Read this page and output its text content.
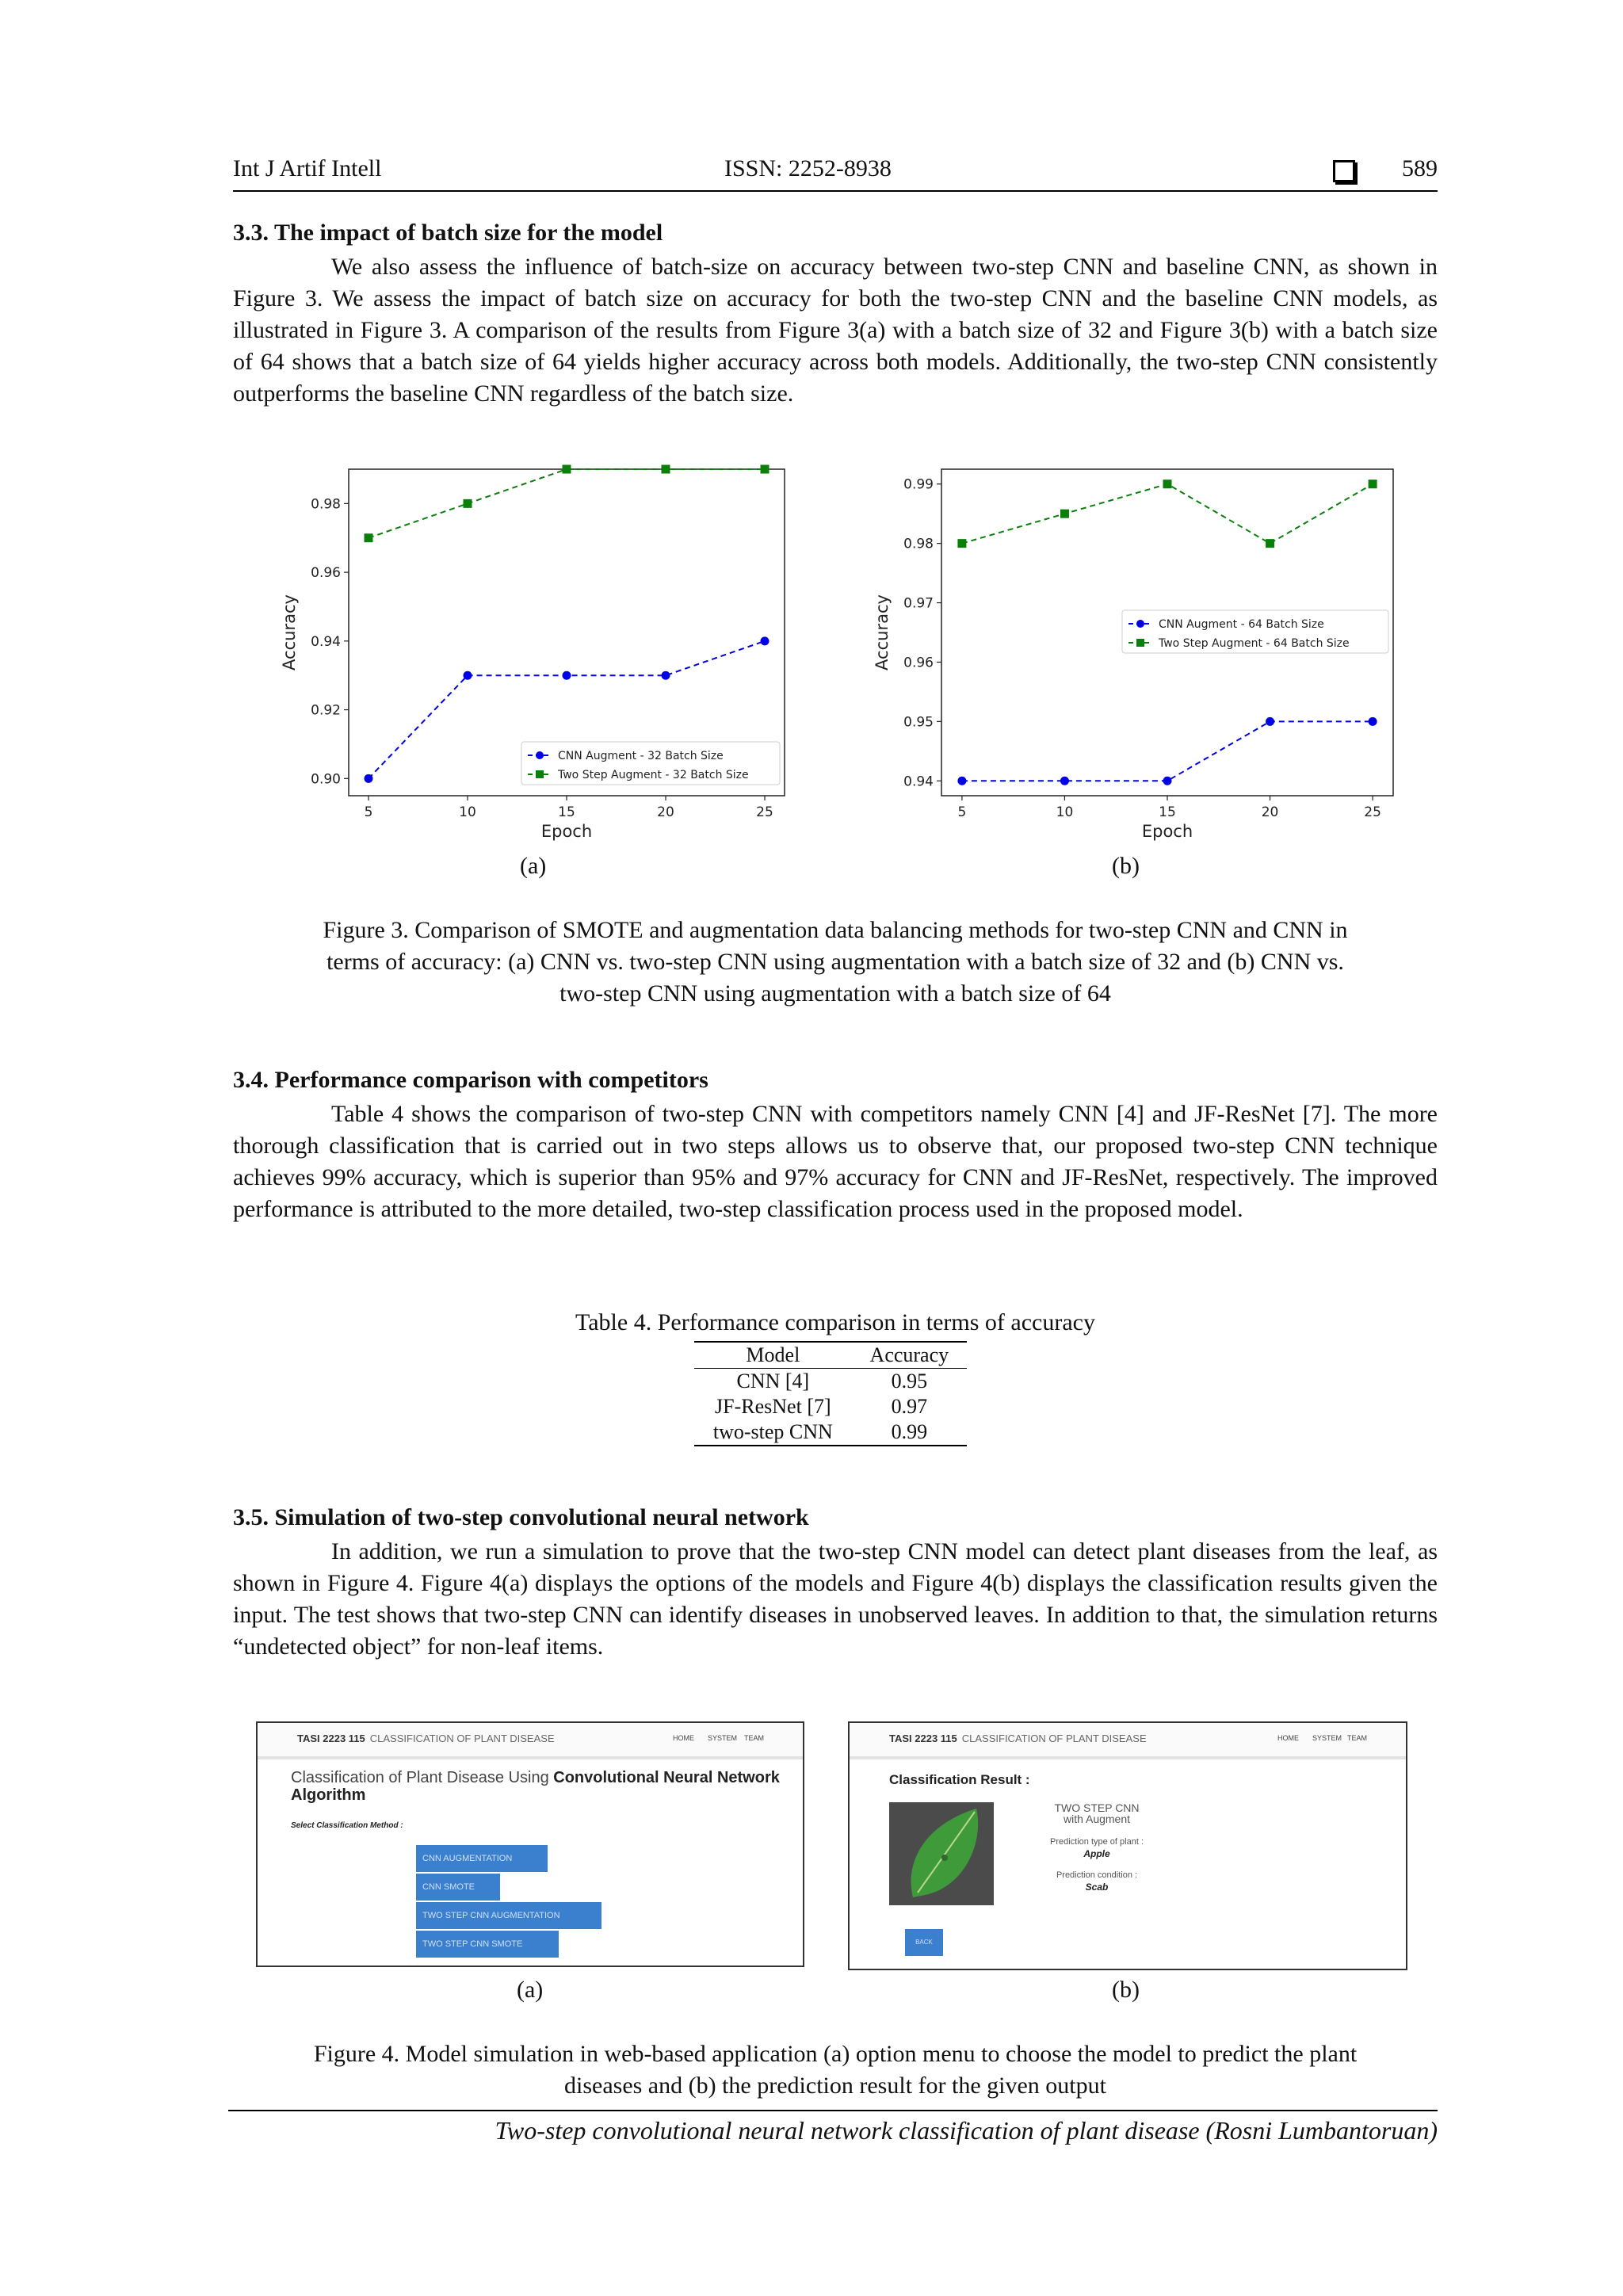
Int J Artif Intell	ISSN: 2252-8938	589
3.3. The impact of batch size for the model
We also assess the influence of batch-size on accuracy between two-step CNN and baseline CNN, as shown in Figure 3. We assess the impact of batch size on accuracy for both the two-step CNN and the baseline CNN models, as illustrated in Figure 3. A comparison of the results from Figure 3(a) with a batch size of 32 and Figure 3(b) with a batch size of 64 shows that a batch size of 64 yields higher accuracy across both models. Additionally, the two-step CNN consistently outperforms the baseline CNN regardless of the batch size.
0.90
0.92
0.94
0.96
0.98
5	10	15	20	25
Epoch
Accuracy
CNN Augment - 32 Batch Size
Two Step Augment - 32 Batch Size	0.94
0.95
0.96
0.97
0.98
0.99
5	10	15	20	25
Epoch
Accuracy	CNN Augment - 64 Batch Size
Two Step Augment - 64 Batch Size
(a)	(b)
Figure 3. Comparison of SMOTE and augmentation data balancing methods for two-step CNN and CNN in
terms of accuracy: (a) CNN vs. two-step CNN using augmentation with a batch size of 32 and (b) CNN vs.
two-step CNN using augmentation with a batch size of 64
3.4. Performance comparison with competitors
Table 4 shows the comparison of two-step CNN with competitors namely CNN [4] and JF-ResNet [7]. The more thorough classification that is carried out in two steps allows us to observe that, our proposed two-step CNN technique achieves 99% accuracy, which is superior than 95% and 97% accuracy for CNN and JF-ResNet, respectively. The improved performance is attributed to the more detailed, two-step classification process used in the proposed model.
Table 4. Performance comparison in terms of accuracy
Model	Accuracy
CNN [4]	0.95
JF-ResNet [7]	0.97
two-step CNN	0.99
3.5. Simulation of two-step convolutional neural network
In addition, we run a simulation to prove that the two-step CNN model can detect plant diseases from the leaf, as shown in Figure 4. Figure 4(a) displays the options of the models and Figure 4(b) displays the classification results given the input. The test shows that two-step CNN can identify diseases in unobserved leaves. In addition to that, the simulation returns “undetected object” for non-leaf items.
TASI 2223 115 CLASSIFICATION OF PLANT DISEASE	HOME SYSTEM TEAM
Classification of Plant Disease Using Convolutional Neural Network Algorithm
Select Classification Method :
CNN AUGMENTATION
CNN SMOTE
TWO STEP CNN AUGMENTATION
TWO STEP CNN SMOTE
TASI 2223 115 CLASSIFICATION OF PLANT DISEASE	HOME SYSTEM TEAM
Classification Result :
TWO STEP CNN
with Augment
Prediction type of plant :
Apple
Prediction condition :
Scab
BACK
(a)	(b)
Figure 4. Model simulation in web-based application (a) option menu to choose the model to predict the plant
diseases and (b) the prediction result for the given output
Two-step convolutional neural network classification of plant disease (Rosni Lumbantoruan)
